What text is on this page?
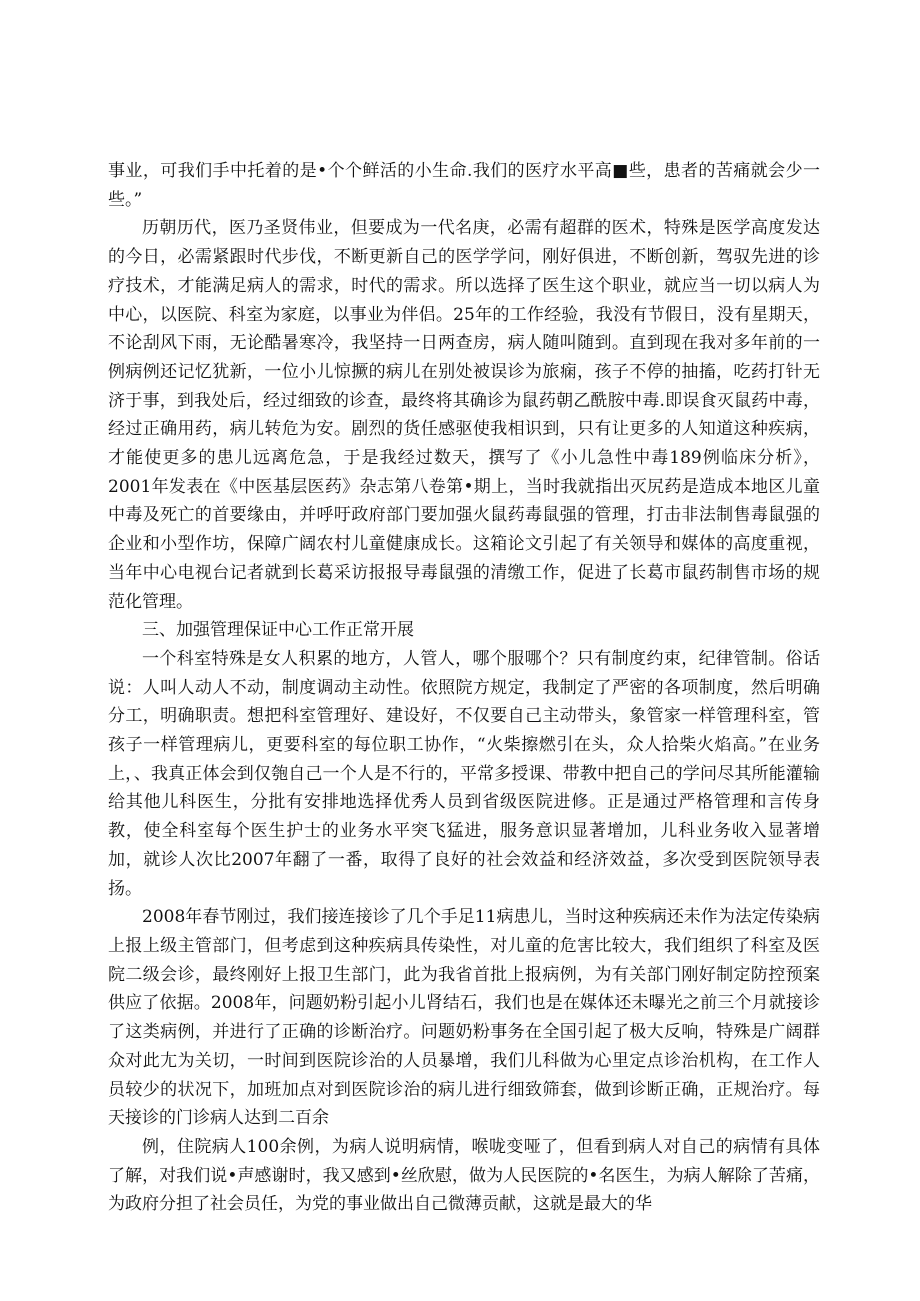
事业，可我们手中托着的是•个个鲜活的小生命.我们的医疗水平高■些，患者的苦痛就会少一些。”

历朝历代，医乃圣贤伟业，但要成为一代名庚，必需有超群的医术，特殊是医学高度发达的今日，必需紧跟时代步伐，不断更新自己的医学学问，刚好俱进，不断创新，驾驭先进的诊疗技术，才能满足病人的需求，时代的需求。所以选择了医生这个职业，就应当一切以病人为中心，以医院、科室为家庭，以事业为伴侣。25年的工作经验，我没有节假日，没有星期天，不论刮风下雨，无论酷暑寒冷，我坚持一日两查房，病人随叫随到。直到现在我对多年前的一例病例还记忆犹新，一位小儿惊撅的病儿在别处被误诊为旅痫，孩子不停的抽搐，吃药打针无济于事，到我处后，经过细致的诊查，最终将其确诊为鼠药朝乙酰胺中毒.即误食灭鼠药中毒，经过正确用药，病儿转危为安。剧烈的货任感驱使我相识到，只有让更多的人知道这种疾病，才能使更多的患儿远离危急，于是我经过数天，撰写了《小儿急性中毒189例临床分析》，2001年发表在《中医基层医药》杂志第八卷第•期上，当时我就指出灭尻药是造成本地区儿童中毒及死亡的首要缘由，并呼吁政府部门要加强火鼠药毒鼠强的管理，打击非法制售毒鼠强的企业和小型作坊，保障广阔农村儿童健康成长。这箱论文引起了有关领导和媒体的高度重视，当年中心电视台记者就到长葛采访报报导毒鼠强的清缴工作，促进了长葛市鼠药制售市场的规范化管理。

三、加强管理保证中心工作正常开展

一个科室特殊是女人积累的地方，人管人，哪个服哪个？只有制度约束，纪律管制。俗话说：人叫人动人不动，制度调动主动性。依照院方规定，我制定了严密的各项制度，然后明确分工，明确职责。想把科室管理好、建设好，不仅要自己主动带头，象管家一样管理科室，管孩子一样管理病儿，更要科室的每位职工协作，“火柴擦燃引在头，众人拾柴火焰高。”在业务上，、我真正体会到仅匏自己一个人是不行的，平常多授课、带教中把自己的学问尽其所能灌输给其他儿科医生，分批有安排地选择优秀人员到省级医院进修。正是通过严格管理和言传身教，使全科室每个医生护士的业务水平突飞猛进，服务意识显著增加，儿科业务收入显著增加，就诊人次比2007年翻了一番，取得了良好的社会效益和经济效益，多次受到医院领导表扬。

2008年春节刚过，我们接连接诊了几个手足11病患儿，当时这种疾病还未作为法定传染病上报上级主管部门，但考虑到这种疾病具传染性，对儿童的危害比较大，我们组织了科室及医院二级会诊，最终刚好上报卫生部门，此为我省首批上报病例，为有关部门刚好制定防控预案供应了依据。2008年，问题奶粉引起小儿肾结石，我们也是在媒体还未曝光之前三个月就接诊了这类病例，并进行了正确的诊断治疗。问题奶粉事务在全国引起了极大反响，特殊是广阔群众对此尢为关切，一时间到医院诊治的人员暴增，我们儿科做为心里定点诊治机构，在工作人员较少的状况下，加班加点对到医院诊治的病儿进行细致筛套，做到诊断正确，正规治疗。每天接诊的门诊病人达到二百余

例，住院病人100余例，为病人说明病情，喉咙变哑了，但看到病人对自己的病情有具体了解，对我们说•声感谢时，我又感到•丝欣慰，做为人民医院的•名医生，为病人解除了苦痛，为政府分担了社会员任，为党的事业做出自己微薄贡献，这就是最大的华
